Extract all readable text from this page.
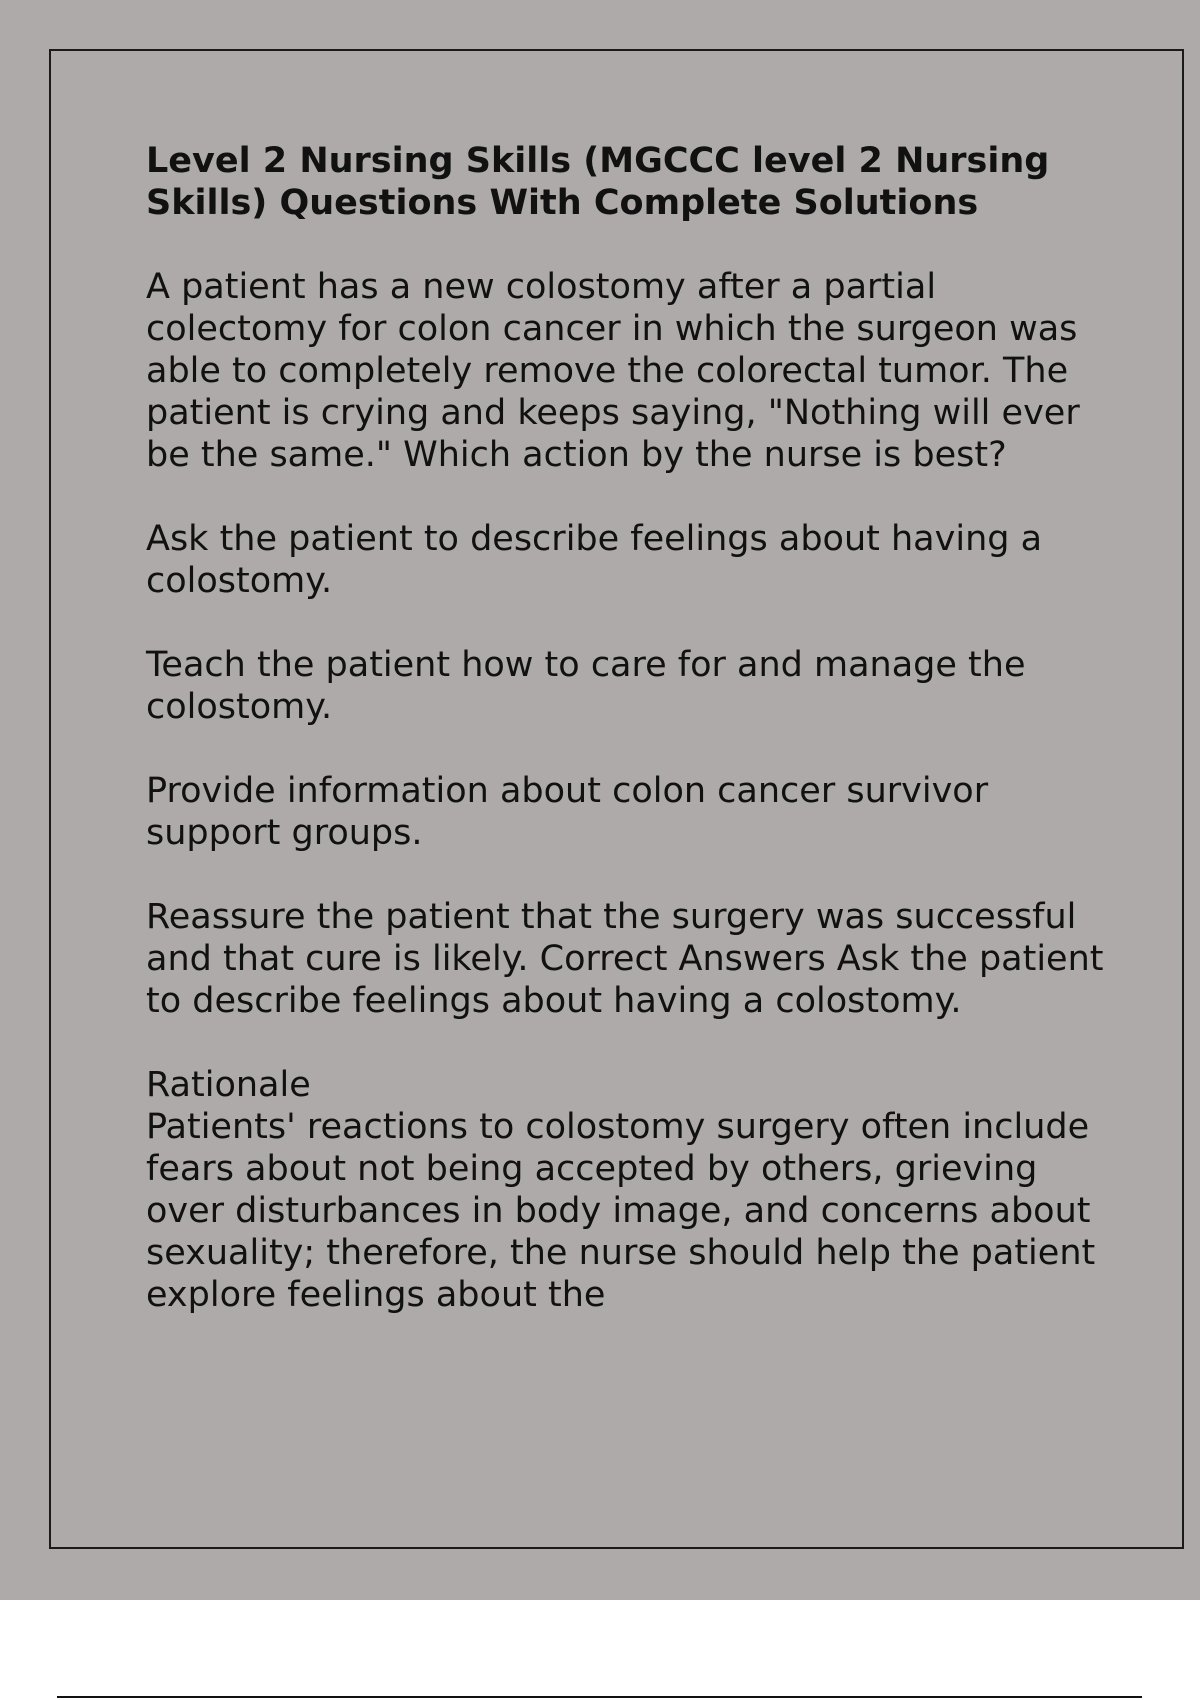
Level 2 Nursing Skills (MGCCC level 2 Nursing Skills) Questions With Complete Solutions

A patient has a new colostomy after a partial colectomy for colon cancer in which the surgeon was able to completely remove the colorectal tumor. The patient is crying and keeps saying, "Nothing will ever be the same." Which action by the nurse is best?

Ask the patient to describe feelings about having a colostomy.

Teach the patient how to care for and manage the colostomy.

Provide information about colon cancer survivor support groups.

Reassure the patient that the surgery was successful and that cure is likely. Correct Answers Ask the patient to describe feelings about having a colostomy.

Rationale
Patients' reactions to colostomy surgery often include fears about not being accepted by others, grieving over disturbances in body image, and concerns about sexuality; therefore, the nurse should help the patient explore feelings about the
